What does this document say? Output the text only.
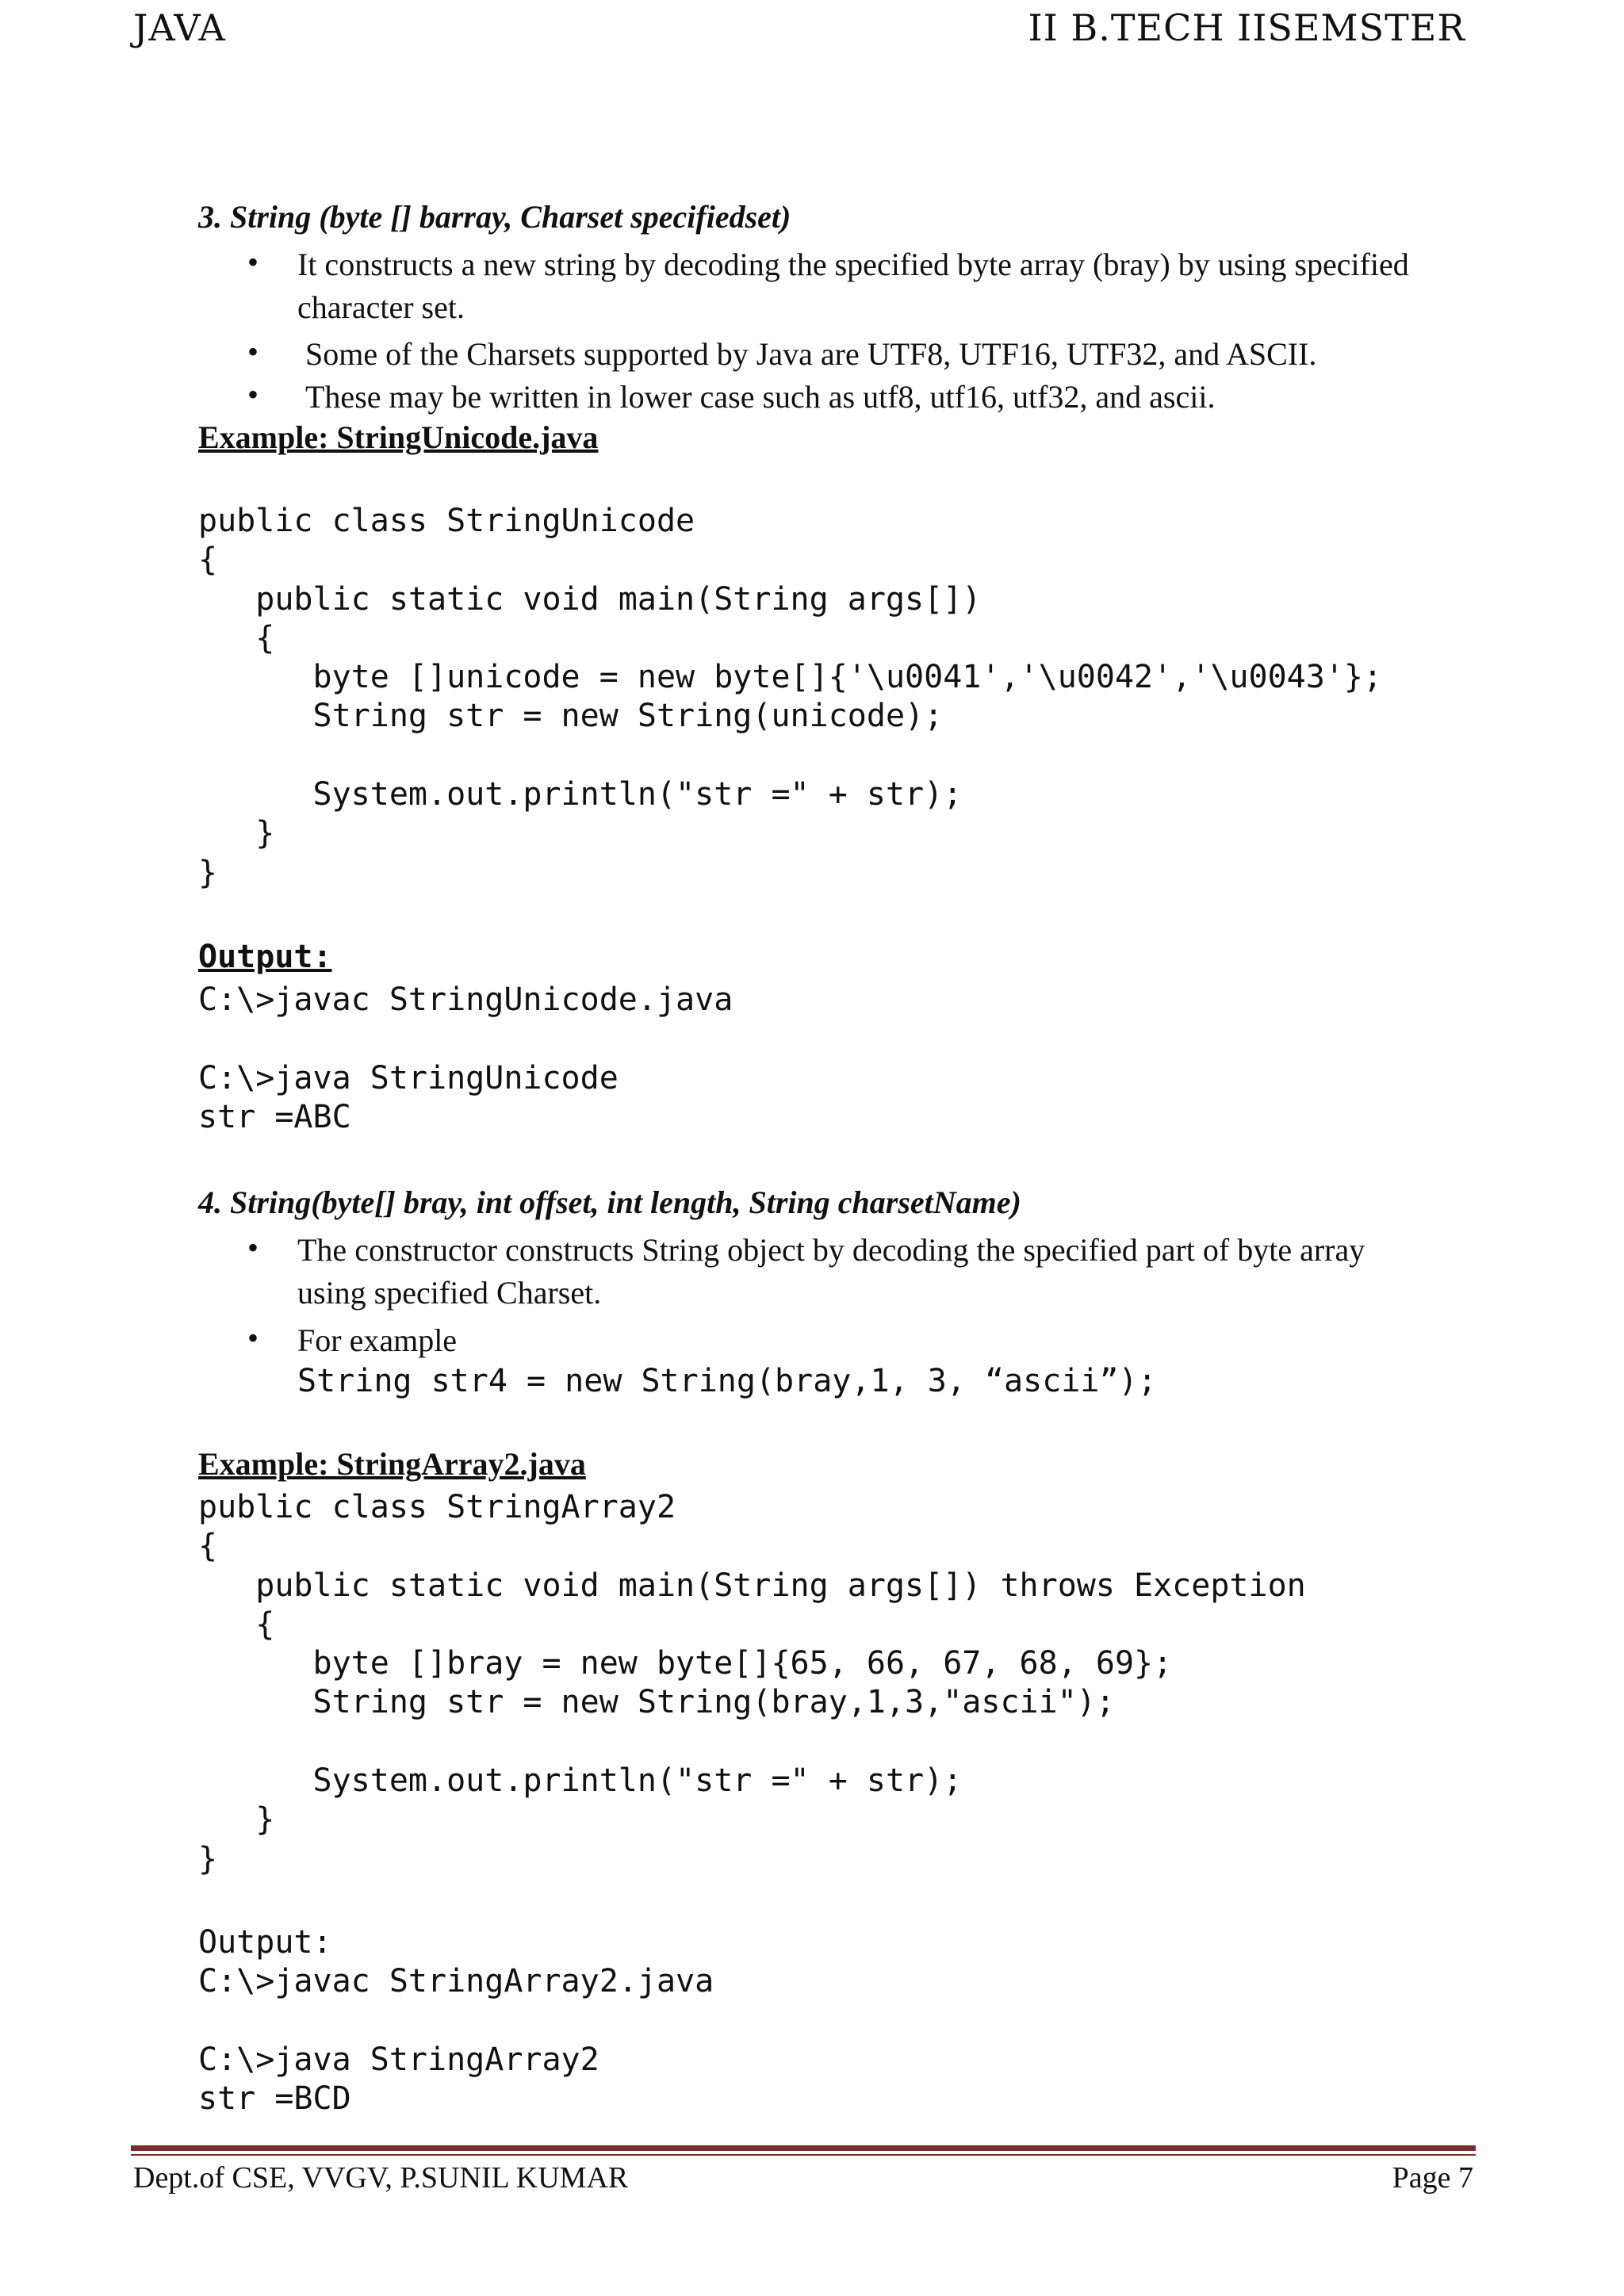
JAVA	II B.TECH IISEMSTER
3. String (byte [] barray, Charset specifiedset)
• It constructs a new string by decoding the specified byte array (bray) by using specified character set.
• Some of the Charsets supported by Java are UTF8, UTF16, UTF32, and ASCII.
• These may be written in lower case such as utf8, utf16, utf32, and ascii.
Example: StringUnicode.java
public class StringUnicode
{
public static void main(String args[])
{
byte []unicode = new byte[]{'\u0041','\u0042','\u0043'};
String str = new String(unicode);

System.out.println("str =" + str);
}
}
Output:
C:\>javac StringUnicode.java

C:\>java StringUnicode
str =ABC
4. String(byte[] bray, int offset, int length, String charsetName)
• The constructor constructs String object by decoding the specified part of byte array using specified Charset.
• For example
String str4 = new String(bray,1, 3, “ascii”);
Example: StringArray2.java
public class StringArray2
{
public static void main(String args[]) throws Exception
{
byte []bray = new byte[]{65, 66, 67, 68, 69};
String str = new String(bray,1,3,"ascii");

System.out.println("str =" + str);
}
}
Output:
C:\>javac StringArray2.java

C:\>java StringArray2
str =BCD
Dept.of CSE, VVGV, P.SUNIL KUMAR	Page 7
